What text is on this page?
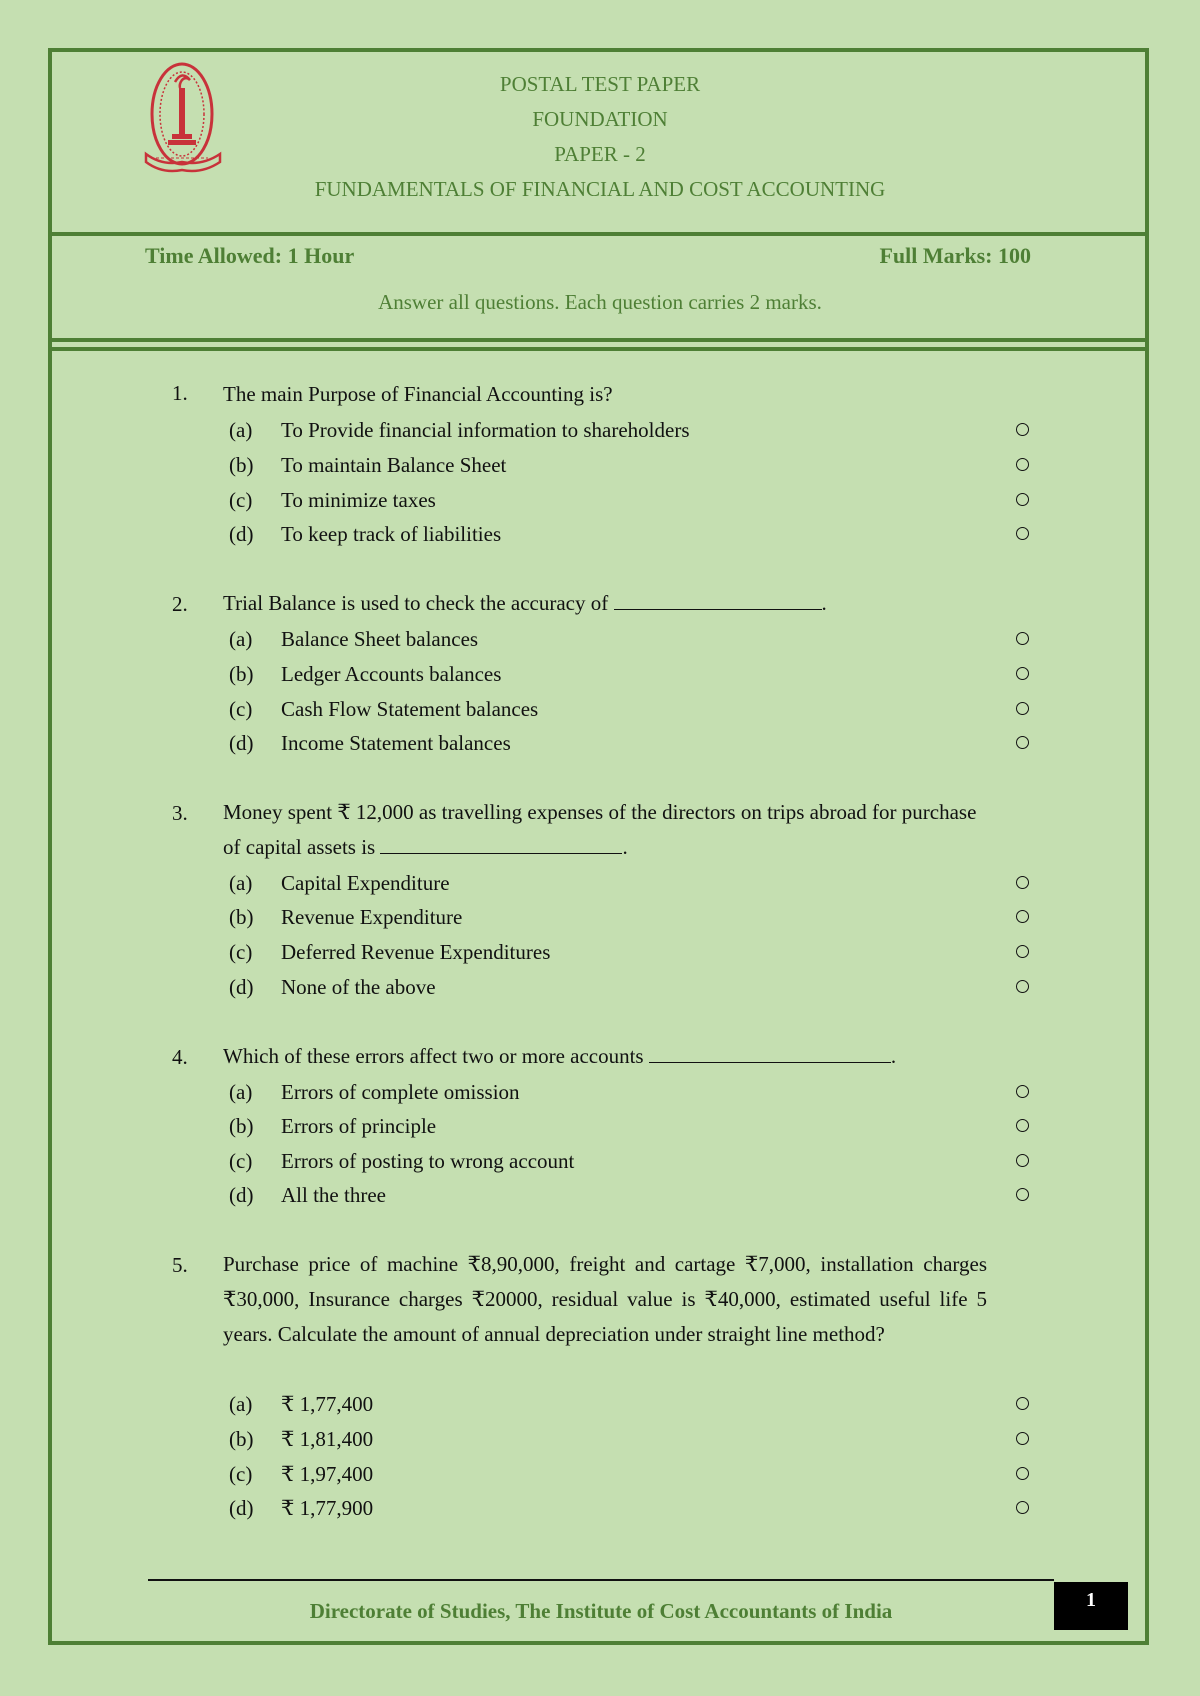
POSTAL TEST PAPER
FOUNDATION
PAPER - 2
FUNDAMENTALS OF FINANCIAL AND COST ACCOUNTING
Time Allowed: 1 Hour	Full Marks: 100
Answer all questions. Each question carries 2 marks.
1. The main Purpose of Financial Accounting is?
(a) To Provide financial information to shareholders
(b) To maintain Balance Sheet
(c) To minimize taxes
(d) To keep track of liabilities
2. Trial Balance is used to check the accuracy of	.
(a) Balance Sheet balances
(b) Ledger Accounts balances
(c) Cash Flow Statement balances
(d) Income Statement balances
3. Money spent ₹ 12,000 as travelling expenses of the directors on trips abroad for purchase of capital assets is	.
(a) Capital Expenditure
(b) Revenue Expenditure
(c) Deferred Revenue Expenditures
(d) None of the above
4. Which of these errors affect two or more accounts	.
(a) Errors of complete omission
(b) Errors of principle
(c) Errors of posting to wrong account
(d) All the three
5. Purchase price of machine ₹8,90,000, freight and cartage ₹7,000, installation charges ₹30,000, Insurance charges ₹20000, residual value is ₹40,000, estimated useful life 5 years. Calculate the amount of annual depreciation under straight line method?
(a) ₹ 1,77,400
(b) ₹ 1,81,400
(c) ₹ 1,97,400
(d) ₹ 1,77,900
Directorate of Studies, The Institute of Cost Accountants of India	1
